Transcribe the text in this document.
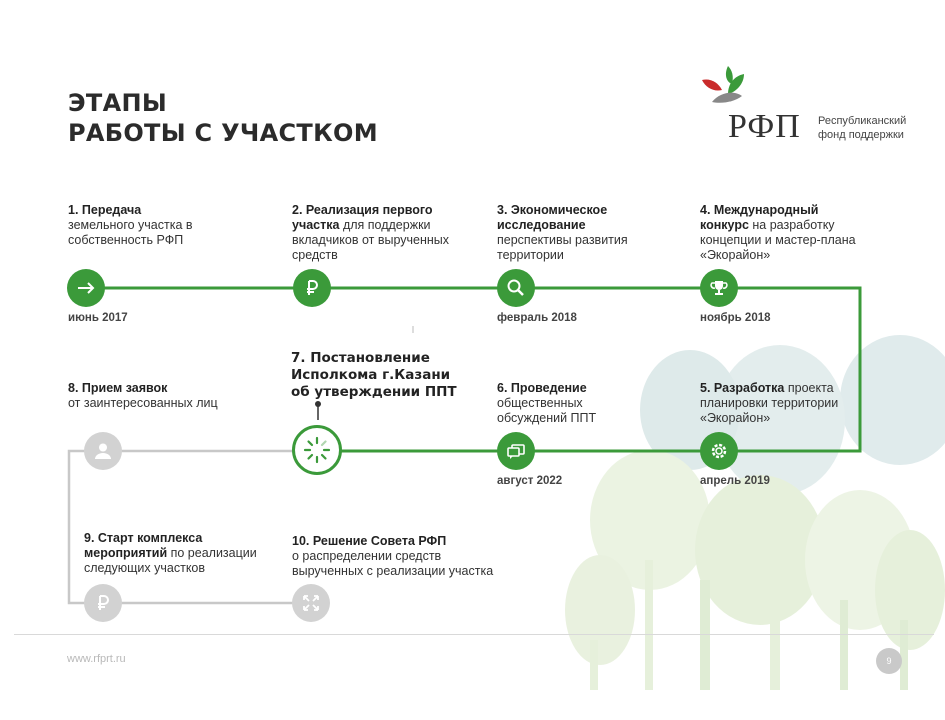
ЭТАПЫ
РАБОТЫ С УЧАСТКОМ	РФП Республиканский
фонд поддержки
1. Передача
земельного участка в собственность РФП
июнь 2017
2. Реализация первого участка для поддержки вкладчиков от вырученных средств
3. Экономическое исследование
перспективы развития территории
февраль 2018
4. Международный конкурс на разработку концепции и мастер-плана «Экорайон»
ноябрь 2018
5. Разработка проекта планировки территории «Экорайон»
апрель 2019
6. Проведение
общественных обсуждений ППТ
август 2022
7. Постановление Исполкома г.Казани об утверждении ППТ
8. Прием заявок
от заинтересованных лиц
9. Старт комплекса мероприятий по реализации следующих участков
10. Решение Совета РФП
о распределении средств вырученных с реализации участка
www.rfprt.ru	9
